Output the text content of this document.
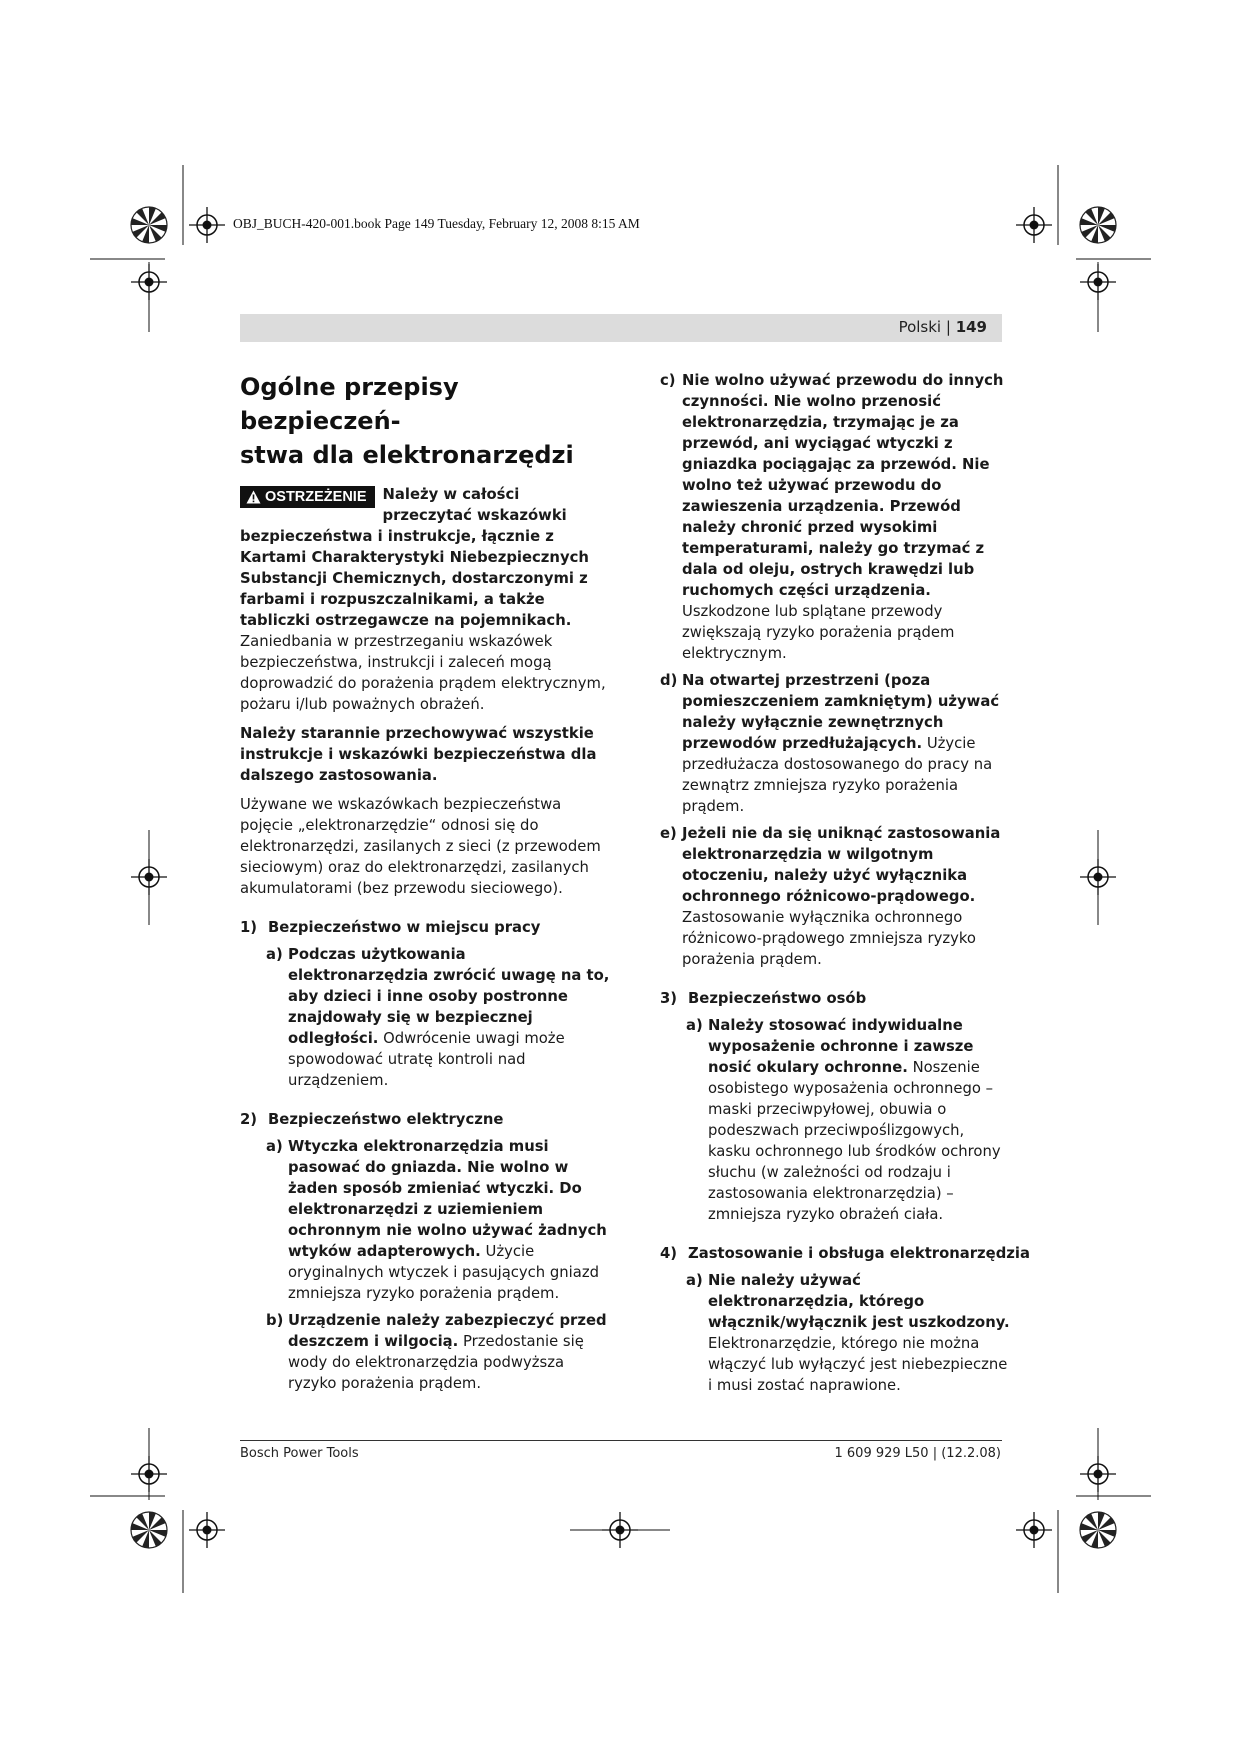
OBJ_BUCH-420-001.book Page 149 Tuesday, February 12, 2008 8:15 AM

Polski | 149

Ogólne przepisy bezpieczeń-
stwa dla elektronarzędzi
OSTRZEŻENIE	Należy w całości przeczytać wskazówki bezpieczeństwa i instrukcje, łącznie z Kartami Charakterystyki Niebezpiecznych Substancji Chemicznych, dostarczonymi z farbami i rozpuszczalnikami, a także tabliczki ostrzegawcze na pojemnikach. Zaniedbania w przestrzeganiu wskazówek bezpieczeństwa, instrukcji i zaleceń mogą doprowadzić do porażenia prądem elektrycznym, pożaru i/lub poważnych obrażeń.

Należy starannie przechowywać wszystkie instrukcje i wskazówki bezpieczeństwa dla dalszego zastosowania.

Używane we wskazówkach bezpieczeństwa pojęcie „elektronarzędzie“ odnosi się do elektronarzędzi, zasilanych z sieci (z przewodem sieciowym) oraz do elektronarzędzi, zasilanych akumulatorami (bez przewodu sieciowego).

1) Bezpieczeństwo w miejscu pracy
a) Podczas użytkowania elektronarzędzia zwrócić uwagę na to, aby dzieci i inne osoby postronne znajdowały się w bezpiecznej odległości. Odwrócenie uwagi może spowodować utratę kontroli nad urządzeniem.

2) Bezpieczeństwo elektryczne
a) Wtyczka elektronarzędzia musi pasować do gniazda. Nie wolno w żaden sposób zmieniać wtyczki. Do elektronarzędzi z uziemieniem ochronnym nie wolno używać żadnych wtyków adapterowych. Użycie oryginalnych wtyczek i pasujących gniazd zmniejsza ryzyko porażenia prądem.

b) Urządzenie należy zabezpieczyć przed deszczem i wilgocią. Przedostanie się wody do elektronarzędzia podwyższa ryzyko porażenia prądem.

c) Nie wolno używać przewodu do innych czynności. Nie wolno przenosić elektronarzędzia, trzymając je za przewód, ani wyciągać wtyczki z gniazdka pociągając za przewód. Nie wolno też używać przewodu do zawieszenia urządzenia. Przewód należy chronić przed wysokimi temperaturami, należy go trzymać z dala od oleju, ostrych krawędzi lub ruchomych części urządzenia. Uszkodzone lub splątane przewody zwiększają ryzyko porażenia prądem elektrycznym.

d) Na otwartej przestrzeni (poza pomieszczeniem zamkniętym) używać należy wyłącznie zewnętrznych przewodów przedłużających. Użycie przedłużacza dostosowanego do pracy na zewnątrz zmniejsza ryzyko porażenia prądem.

e) Jeżeli nie da się uniknąć zastosowania elektronarzędzia w wilgotnym otoczeniu, należy użyć wyłącznika ochronnego różnicowo-prądowego. Zastosowanie wyłącznika ochronnego różnicowo-prądowego zmniejsza ryzyko porażenia prądem.

3) Bezpieczeństwo osób
a) Należy stosować indywidualne wyposażenie ochronne i zawsze nosić okulary ochronne. Noszenie osobistego wyposażenia ochronnego – maski przeciwpyłowej, obuwia o podeszwach przeciwpoślizgowych, kasku ochronnego lub środków ochrony słuchu (w zależności od rodzaju i zastosowania elektronarzędzia) – zmniejsza ryzyko obrażeń ciała.

4) Zastosowanie i obsługa elektronarzędzia
a) Nie należy używać elektronarzędzia, którego włącznik/wyłącznik jest uszkodzony. Elektronarzędzie, którego nie można włączyć lub wyłączyć jest niebezpieczne i musi zostać naprawione.

Bosch Power Tools	1 609 929 L50 | (12.2.08)
